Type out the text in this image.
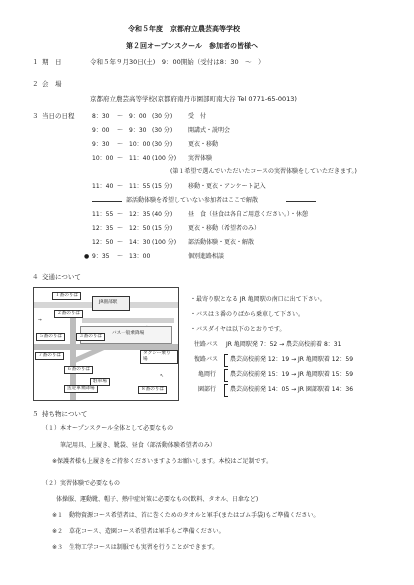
令和５年度　京都府立農芸高等学校
第２回オープンスクール　参加者の皆様へ
１ 期　日	令和５年９月30日(土)　9：00開始（受付は8：30　～　）
２ 会　場
京都府立農芸高等学校(京都府南丹市園部町南大谷 Tel 0771-65-0013)
３ 当日の日程	8：30 ～ 9：00 (30 分)	受　付
9：00 ～ 9：30 (30 分)	開講式・説明会
9：30 ～ 10：00 (30 分)	更衣・移動
10：00 ～ 11：40 (100 分) 実習体験
(第１希望で選んでいただいたコースの実習体験をしていただきます。)
11：40 ～ 11：55 (15 分)	移動・更衣・アンケート記入
部活動体験を希望していない参加者はここで解散
11：55 ～ 12：35 (40 分)	昼　食（昼食は各自ご用意ください。）・休憩
12：35 ～ 12：50 (15 分)	更衣・移動（希望者のみ）
12：50 ～ 14：30 (100 分) 部活動体験・更衣・解散
● 9：35 ～ 13：00	個別進路相談
４ 交通について
JR園部駅
バス一般乗降場
１番のりば
２番のりば
３番のりば
５番のりば
タクシー乗り場
６番のりば
７番のりば
送迎車乗降場	８番のりば
駐車場
→
↖
・最寄り駅となる JR 亀岡駅の南口に出て下さい。
・バスは３番のりばから乗車して下さい。
・バスダイヤは以下のとおりです。
往路バス JR 亀岡駅発 7：52 → 農芸高校前着 8：31
復路バス 農芸高校前発 12：19 → JR 亀岡駅着 12：59
亀岡行 農芸高校前発 15：19 → JR 亀岡駅着 15：59
園部行 農芸高校前発 14：05 → JR 園部駅着 14：36
５ 持ち物について
（１）本オープンスクール全体として必要なもの
筆記用具、上履き、靴袋、昼食（部活動体験希望者のみ）
※保護者様も上履きをご持参くださいますようお願いします。本校はご足制です。
（２）実習体験で必要なもの
体操服、運動靴、帽子、熱中症対策に必要なもの(飲料、タオル、日傘など)
※１　動物資源コース希望者は、首に巻くためのタオルと軍手(またはゴム手袋)もご準備ください。
※２　草花コース、造園コース希望者は軍手もご準備ください。
※３　生物工学コースは制服でも実習を行うことができます。
